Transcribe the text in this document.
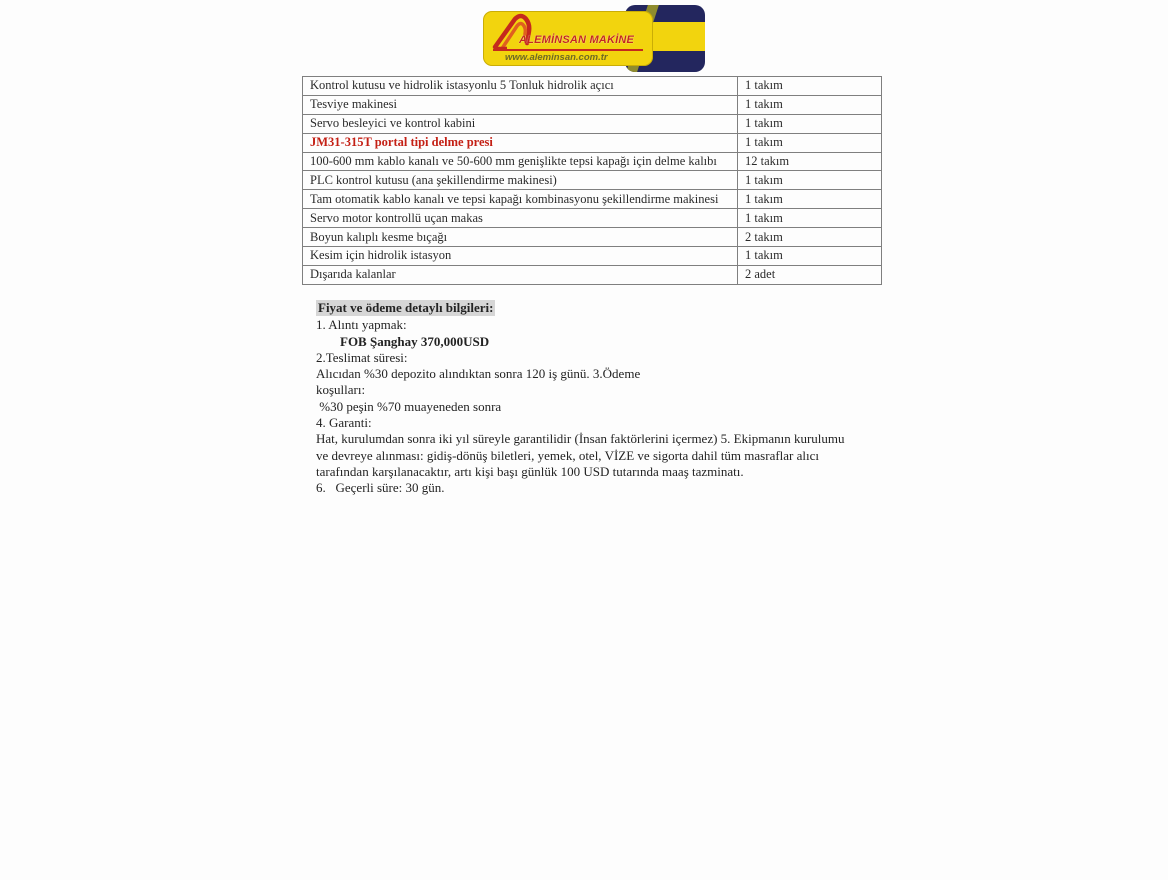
ALEMİNSAN MAKİNE
www.aleminsan.com.tr
Kontrol kutusu ve hidrolik istasyonlu 5 Tonluk hidrolik açıcı	1 takım
Tesviye makinesi	1 takım
Servo besleyici ve kontrol kabini	1 takım
JM31-315T portal tipi delme presi	1 takım
100-600 mm kablo kanalı ve 50-600 mm genişlikte tepsi kapağı için delme kalıbı	12 takım
PLC kontrol kutusu (ana şekillendirme makinesi)	1 takım
Tam otomatik kablo kanalı ve tepsi kapağı kombinasyonu şekillendirme makinesi	1 takım
Servo motor kontrollü uçan makas	1 takım
Boyun kalıplı kesme bıçağı	2 takım
Kesim için hidrolik istasyon	1 takım
Dışarıda kalanlar	2 adet
Fiyat ve ödeme detaylı bilgileri:
1. Alıntı yapmak:
FOB Şanghay 370,000USD
2.Teslimat süresi:
Alıcıdan %30 depozito alındıktan sonra 120 iş günü. 3.Ödeme
koşulları:
%30 peşin %70 muayeneden sonra
4. Garanti:
Hat, kurulumdan sonra iki yıl süreyle garantilidir (İnsan faktörlerini içermez) 5. Ekipmanın kurulumu
ve devreye alınması: gidiş-dönüş biletleri, yemek, otel, VİZE ve sigorta dahil tüm masraflar alıcı
tarafından karşılanacaktır, artı kişi başı günlük 100 USD tutarında maaş tazminatı.
6.   Geçerli süre: 30 gün.
